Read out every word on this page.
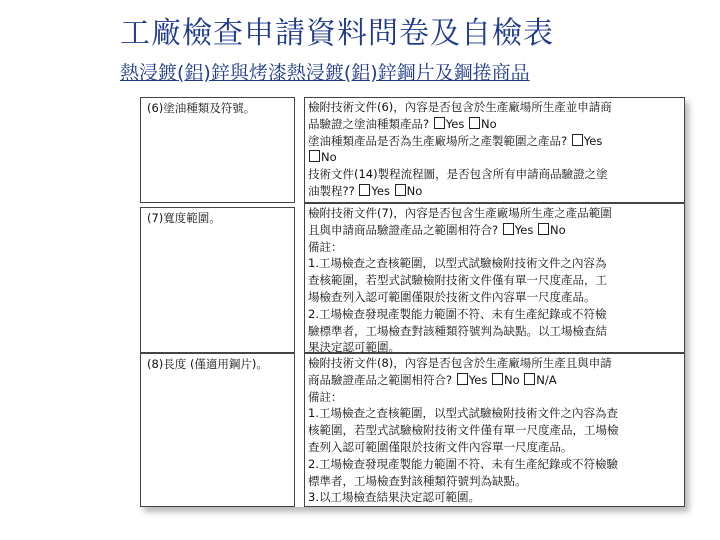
工廠檢查申請資料問卷及自檢表
熱浸鍍(鋁)鋅與烤漆熱浸鍍(鋁)鋅鋼片及鋼捲商品
(6)塗油種類及符號。	檢附技術文件(6)，內容是否包含於生產廠場所生產並申請商
品驗證之塗油種類產品? Yes No
塗油種類產品是否為生產廠場所之產製範圍之產品? Yes
No
技術文件(14)製程流程圖，是否包含所有申請商品驗證之塗
油製程?? Yes No
(7)寬度範圍。	檢附技術文件(7)，內容是否包含生產廠場所生產之產品範圍
且與申請商品驗證產品之範圍相符合? Yes No
備註：
1.工場檢查之查核範圍，以型式試驗檢附技術文件之內容為
查核範圍，若型式試驗檢附技術文件僅有單一尺度產品，工
場檢查列入認可範圍僅限於技術文件內容單一尺度產品。
2.工場檢查發現產製能力範圍不符、未有生產紀錄或不符檢
驗標準者，工場檢查對該種類符號判為缺點。以工場檢查結
果決定認可範圍。
(8)長度 (僅適用鋼片)。	檢附技術文件(8)，內容是否包含於生產廠場所生產且與申請
商品驗證產品之範圍相符合? Yes No N/A
備註：
1.工場檢查之查核範圍，以型式試驗檢附技術文件之內容為查
核範圍，若型式試驗檢附技術文件僅有單一尺度產品，工場檢
查列入認可範圍僅限於技術文件內容單一尺度產品。
2.工場檢查發現產製能力範圍不符、未有生產紀錄或不符檢驗
標準者，工場檢查對該種類符號判為缺點。
3.以工場檢查結果決定認可範圍。
